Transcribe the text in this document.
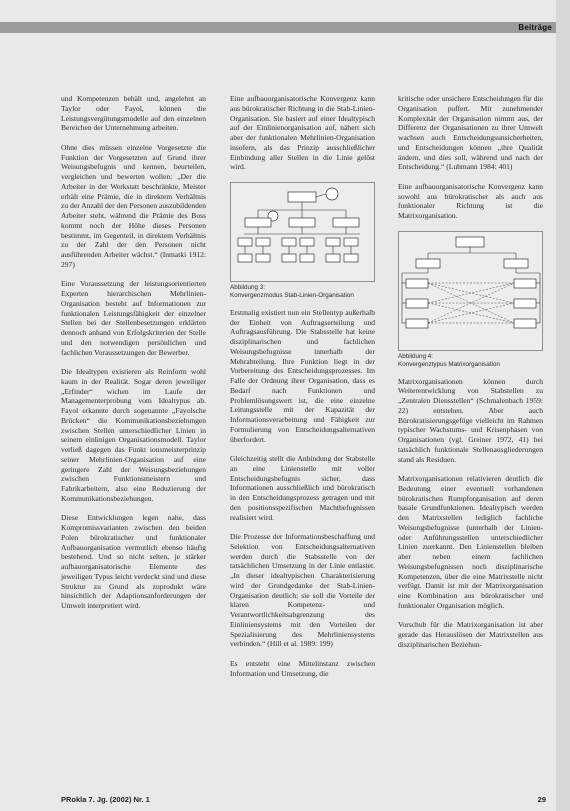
Beiträge

und Kompetenzen behält und, angelehnt an Taylor oder Fayol, können die Leistungsvergütungsmodelle auf den einzelnen Bereichen der Unternehmung arbeiten.

Ohne dies müssen einzelne Vorgesetzte die Funktion der Vorgesetzten auf Grund ihrer Weisungsbefugnis und kennen, beurteilen, vergleichen und bewerten wollen: „Der die Arbeiter in der Werkstatt beschränkte, Meister erhält eine Prämie, die in direktem Verhältnis zu der Anzahl der den Personen auszubildenden Arbeiter steht, während die Prämie des Boss kommt noch der Höhe dieses Personen bestimmt, im Gegenteil, in direktem Verhältnis zu der Zahl der den Personen nicht ausführenden Arbeiter wächst.“ (Inmatki 1912: 297)

Eine Voraussetzung der leistungsorientierten Experten hierarchischen Mehrlinien-Organisation besteht auf Informationen zur funktionalen Leistungsfähigkeit der einzelner Stellen bei der Stellenbesetzungen erklärten dennoch anhand von Erfolgskriterien der Stelle und den notwendigen persönlichen und fachlichen Voraussetzungen der Bewerber.

Die Idealtypen existieren als Reinform wohl kaum in der Realität. Sogar deren jeweiliger „Erfinder“ wichen im Laufe der Managementerprobung vom Idealtypus ab. Fayol erkannte durch sogenannte „Fayolsche Brücken“ die Kommunikationsbeziehungen zwischen Stellen unterschiedlicher Linien in seinem einlinigen Organisationsmodell. Taylor verließ dagegen das Funkt ionsmeisterprinzip seiner Mehrlinien-Organisation auf eine geringere Zahl der Weisungsbeziehungen zwischen Funktionsmeistern und Fabrikarbeitern, also eine Reduzierung der Kommunikationsbeziehungen.

Diese Entwicklungen legen nahe, dass Kompromissvarianten zwischen den beiden Polen bürokratischer und funktionaler Aufbauorganisation vermutlich ebenso häufig bestehend. Und so nicht selten, je stärker aufbauorganisatorische Elemente des jeweiligen Typus leicht verdeckt sind und diese Struktur zu Grund als zuprodukt wäre hinsichtlich der Adaptionsanforderungen der Umwelt interpretiert wird.

Eine aufbauorganisatorische Konvergenz kann aus bürokratischer Richtung in die Stab-Linien-Organisation. Sie basiert auf einer Idealtypisch auf der Einlinienorganisation auf, nähert sich aber der funktionalen Mehrlinien-Organisation insofern, als das Prinzip ausschließlicher Einbindung aller Stellen in die Linie gelöst wird.

Abbildung 3:
Konvergenzmodus Stab-Linien-Organisation

Erstmalig existiert nun ein Stellentyp außerhalb der Einheit von Auftragserteilung und Auftragsausführung. Die Stabsstelle hat keine disziplinarischen und fachlichen Weisungsbefugnisse innerhalb der Mehrabteilung. Ihre Funktion liegt in der Vorbereitung des Entscheidungsprozesses. Im Falle der Ordnung ihrer Organisation, dass es Bedarf nach Funktionen und Problemlösungswert ist, die eine einzelne Leitungsstelle mit der Kapazität der Informationsverarbeitung und Fähigkeit zur Formulierung von Entscheidungsalternativen überfordert.

Gleichzeitig stellt die Anbindung der Stabstelle an eine Linienstelle mit voller Entscheidungsbefugnis sicher, dass Informationen ausschließlich und bürokratisch in den Entscheidungsprozess getragen und mit den positionsspezifischen Machtbefugnissen realisiert wird.

Die Prozesse der Informationsbeschaffung und Selektion von Entscheidungsalternativen werden durch die Stabsstelle von der tatsächlichen Umsetzung in der Linie entlastet. „In dieser idealtypischen Charakterisierung wird der Grundgedanke der Stab-Linien-Organisation deutlich; sie soll die Vorteile der klaren Kompetenz- und Verantwortlichkeitsabgrenzung des Einliniensystems mit den Vorteilen der Spezialisierung des Mehrliniensystems verbinden.“ (Hill et al. 1989: 199)

Es entsteht eine Mittelinstanz zwischen Information und Umsetzung, die

kritische oder unsichere Entscheidungen für die Organisation puffert. Mit zunehmender Komplexität der Organisation nimmt aus, der Differenz der Organisationen zu ihrer Umwelt wachsen auch Entscheidungsunsicherheiten, und Entscheidungen können „ihre Qualität ändern, und dies soll, während und nach der Entscheidung.“ (Luhmann 1984: 401)

Eine aufbauorganisatorische Konvergenz kann sowohl aus bürokratischer als auch aus funktionaler Richtung ist die Matrixorganisation.

Abbildung 4:
Konvergenztypus Matrixorganisation

Matrixorganisationen können durch Weiterentwicklung von Stabstellen zu „Zentralen Diensstellen“ (Schmalenbach 1959: 22) entstehen. Aber auch Bürokratisierungsgefüge vielleicht im Rahmen typischer Wachstums- und Krisenphasen von Organisationen (vgl. Greiner 1972, 41) bei tatsächlich funktionale Stellenausgliederungen stand als Residuen.

Matrixorganisationen relativieren deutlich die Bedeutung einer eventuell vorhandenen bürokratischen Rumpforganisation auf deren basale Grundfunktionen. Idealtypisch werden den Matrixstellen lediglich fachliche Weisungsbefugnisse (unterhalb der Linien- oder Anführungsstellen unterschiedlicher Linien zuerkannt. Den Linienstellen bleiben aber neben einem fachlichen Weisungsbefugnissen noch disziplinarische Kompetenzen, über die eine Matrixstelle nicht verfügt. Damit ist mit der Matrixorganisation eine Kombination aus bürokratischer und funktionaler Organisation möglich.

Vorschub für die Matrixorganisation ist aber gerade das Herauslösen der Matrixstellen aus disziplinarischen Beziehun-

PRokla 7. Jg. (2002) Nr. 1	29
